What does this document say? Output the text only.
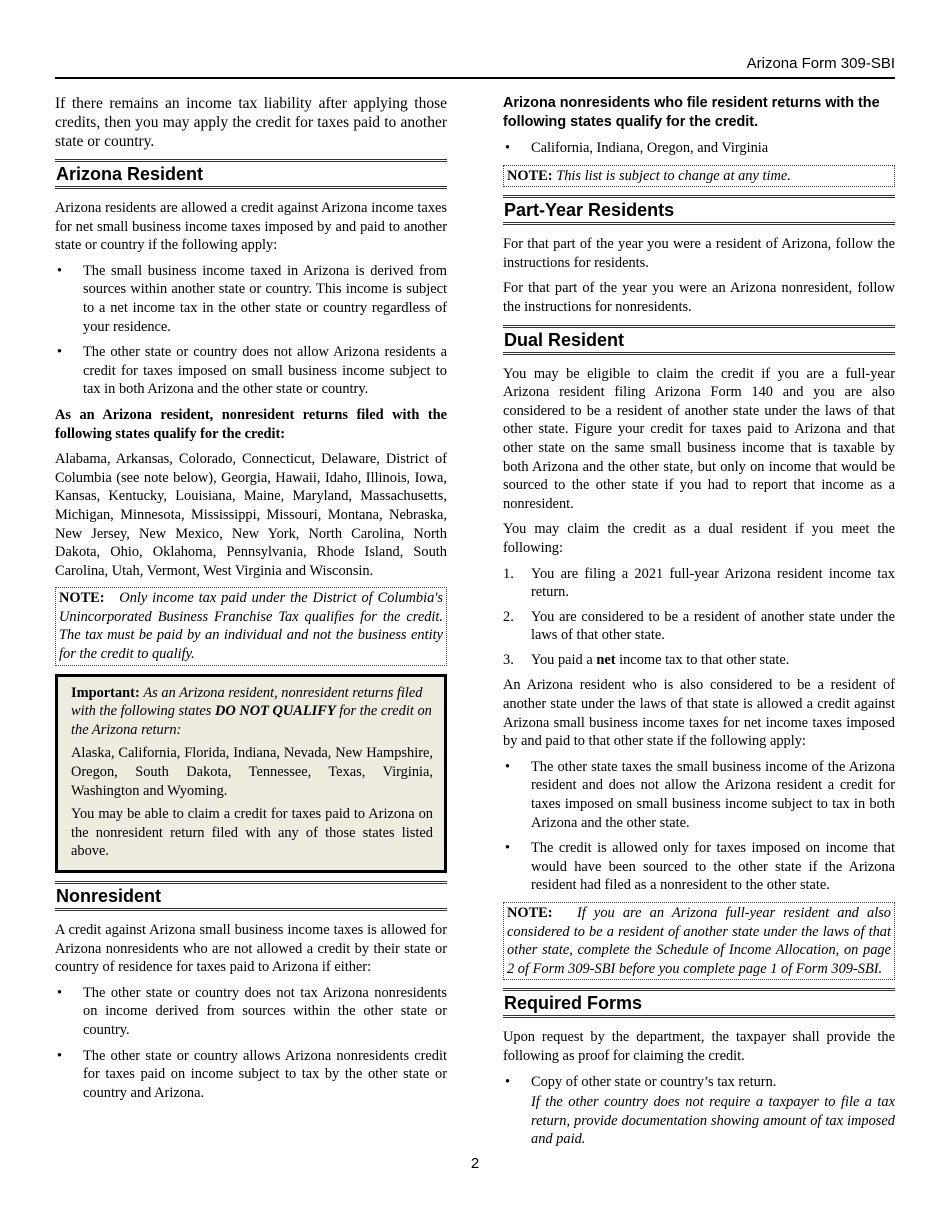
Arizona Form 309-SBI

If there remains an income tax liability after applying those credits, then you may apply the credit for taxes paid to another state or country.

Arizona Resident

Arizona residents are allowed a credit against Arizona income taxes for net small business income taxes imposed by and paid to another state or country if the following apply:

• The small business income taxed in Arizona is derived from sources within another state or country. This income is subject to a net income tax in the other state or country regardless of your residence.
• The other state or country does not allow Arizona residents a credit for taxes imposed on small business income subject to tax in both Arizona and the other state or country.

As an Arizona resident, nonresident returns filed with the following states qualify for the credit:

Alabama, Arkansas, Colorado, Connecticut, Delaware, District of Columbia (see note below), Georgia, Hawaii, Idaho, Illinois, Iowa, Kansas, Kentucky, Louisiana, Maine, Maryland, Massachusetts, Michigan, Minnesota, Mississippi, Missouri, Montana, Nebraska, New Jersey, New Mexico, New York, North Carolina, North Dakota, Ohio, Oklahoma, Pennsylvania, Rhode Island, South Carolina, Utah, Vermont, West Virginia and Wisconsin.

NOTE: Only income tax paid under the District of Columbia's Unincorporated Business Franchise Tax qualifies for the credit. The tax must be paid by an individual and not the business entity for the credit to qualify.

Important: As an Arizona resident, nonresident returns filed with the following states DO NOT QUALIFY for the credit on the Arizona return:

Alaska, California, Florida, Indiana, Nevada, New Hampshire, Oregon, South Dakota, Tennessee, Texas, Virginia, Washington and Wyoming.

You may be able to claim a credit for taxes paid to Arizona on the nonresident return filed with any of those states listed above.

Nonresident

A credit against Arizona small business income taxes is allowed for Arizona nonresidents who are not allowed a credit by their state or country of residence for taxes paid to Arizona if either:

• The other state or country does not tax Arizona nonresidents on income derived from sources within the other state or country.
• The other state or country allows Arizona nonresidents credit for taxes paid on income subject to tax by the other state or country and Arizona.

Arizona nonresidents who file resident returns with the following states qualify for the credit.

• California, Indiana, Oregon, and Virginia

NOTE: This list is subject to change at any time.

Part-Year Residents

For that part of the year you were a resident of Arizona, follow the instructions for residents.

For that part of the year you were an Arizona nonresident, follow the instructions for nonresidents.

Dual Resident

You may be eligible to claim the credit if you are a full-year Arizona resident filing Arizona Form 140 and you are also considered to be a resident of another state under the laws of that other state. Figure your credit for taxes paid to Arizona and that other state on the same small business income that is taxable by both Arizona and the other state, but only on income that would be sourced to the other state if you had to report that income as a nonresident.

You may claim the credit as a dual resident if you meet the following:

1. You are filing a 2021 full-year Arizona resident income tax return.
2. You are considered to be a resident of another state under the laws of that other state.
3. You paid a net income tax to that other state.

An Arizona resident who is also considered to be a resident of another state under the laws of that state is allowed a credit against Arizona small business income taxes for net income taxes imposed by and paid to that other state if the following apply:

• The other state taxes the small business income of the Arizona resident and does not allow the Arizona resident a credit for taxes imposed on small business income subject to tax in both Arizona and the other state.
• The credit is allowed only for taxes imposed on income that would have been sourced to the other state if the Arizona resident had filed as a nonresident to the other state.

NOTE: If you are an Arizona full-year resident and also considered to be a resident of another state under the laws of that other state, complete the Schedule of Income Allocation, on page 2 of Form 309-SBI before you complete page 1 of Form 309-SBI.

Required Forms

Upon request by the department, the taxpayer shall provide the following as proof for claiming the credit.

• Copy of other state or country’s tax return.

If the other country does not require a taxpayer to file a tax return, provide documentation showing amount of tax imposed and paid.

2
